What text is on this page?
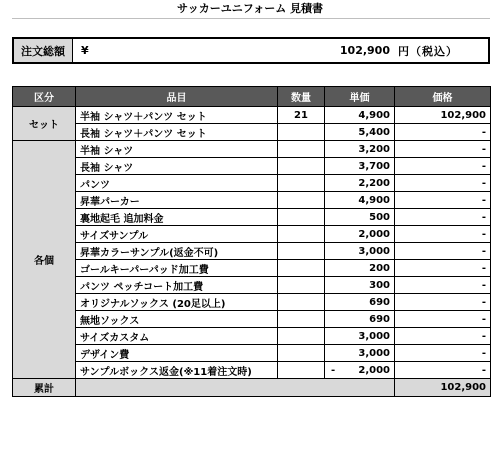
サッカーユニフォーム 見積書
注文総額	¥	102,900 円（税込）
区分	品目	数量	単価	価格
セット	半袖 シャツ＋パンツ セット	21	4,900	102,900
	長袖 シャツ＋パンツ セット		5,400	-
各個	半袖 シャツ		3,200	-
	長袖 シャツ		3,700	-
	パンツ		2,200	-
	昇華パーカー		4,900	-
	裏地起毛 追加料金		500	-
	サイズサンプル		2,000	-
	昇華カラーサンプル(返金不可)		3,000	-
	ゴールキーパーパッド加工費		200	-
	パンツ ペッチコート加工費		300	-
	オリジナルソックス (20足以上)		690	-
	無地ソックス		690	-
	サイズカスタム		3,000	-
	デザイン費		3,000	-
	サンプルボックス返金(※11着注文時)		- 2,000	-
累計				102,900
